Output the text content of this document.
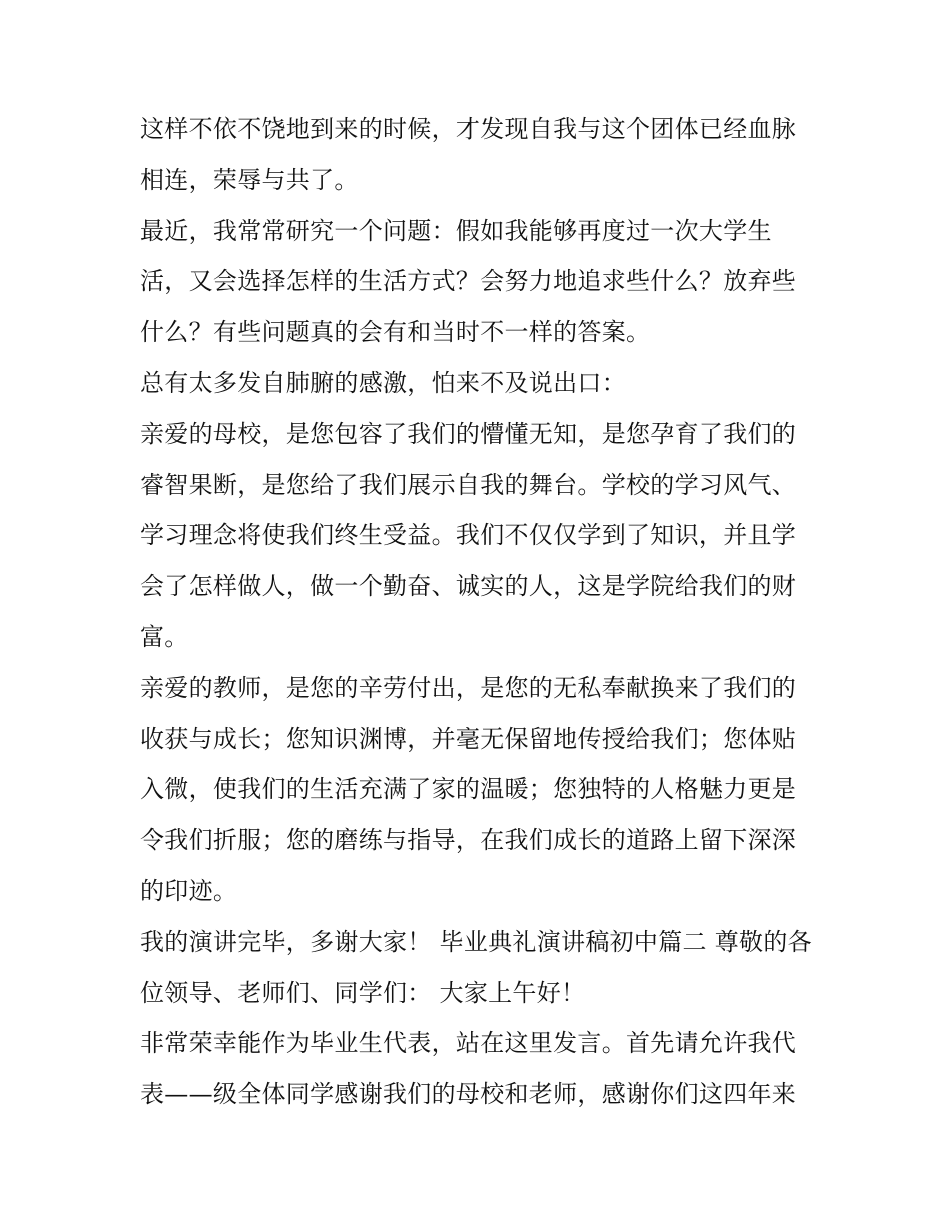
这样不依不饶地到来的时候，才发现自我与这个团体已经血脉相连，荣辱与共了。

最近，我常常研究一个问题：假如我能够再度过一次大学生活，又会选择怎样的生活方式？会努力地追求些什么？放弃些什么？有些问题真的会有和当时不一样的答案。

总有太多发自肺腑的感激，怕来不及说出口：

亲爱的母校，是您包容了我们的懵懂无知，是您孕育了我们的睿智果断，是您给了我们展示自我的舞台。学校的学习风气、学习理念将使我们终生受益。我们不仅仅学到了知识，并且学会了怎样做人，做一个勤奋、诚实的人，这是学院给我们的财富。

亲爱的教师，是您的辛劳付出，是您的无私奉献换来了我们的收获与成长；您知识渊博，并毫无保留地传授给我们；您体贴入微，使我们的生活充满了家的温暖；您独特的人格魅力更是令我们折服；您的磨练与指导，在我们成长的道路上留下深深的印迹。

我的演讲完毕，多谢大家！ 毕业典礼演讲稿初中篇二 尊敬的各位领导、老师们、同学们： 大家上午好！

非常荣幸能作为毕业生代表，站在这里发言。首先请允许我代表——级全体同学感谢我们的母校和老师，感谢你们这四年来
